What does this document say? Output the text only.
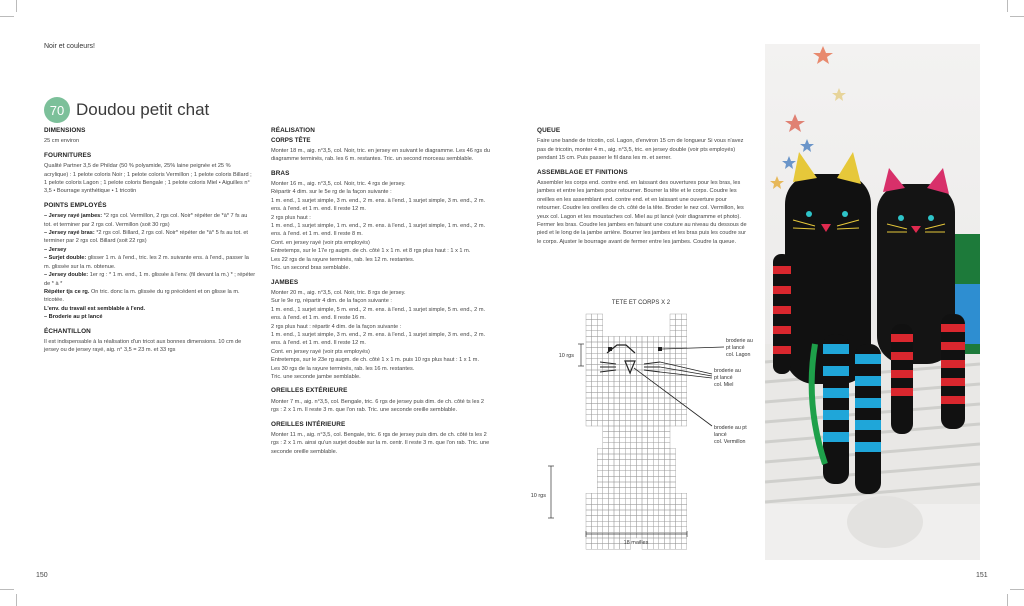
Noir et couleurs!
70 Doudou petit chat
DIMENSIONS

25 cm environ

FOURNITURES

Qualité Partner 3,5 de Phildar (50 % polyamide, 25% laine peignée et 25 % acrylique) : 1 pelote coloris Noir ; 1 pelote coloris Vermillon ; 1 pelote coloris Billard ; 1 pelote coloris Lagon ; 1 pelote coloris Bengale ; 1 pelote coloris Miel • Aiguilles n° 3,5 • Bourrage synthétique • 1 tricotin

POINTS EMPLOYÉS

– Jersey rayé jambes: *2 rgs col. Vermillon, 2 rgs col. Noir* répéter de *à* 7 fs au tot. et terminer par 2 rgs col. Vermillon (soit 30 rgs)

– Jersey rayé bras: *2 rgs col. Billard, 2 rgs col. Noir* répéter de *à* 5 fs au tot. et terminer par 2 rgs col. Billard (soit 22 rgs)

– Jersey

– Surjet double: glisser 1 m. à l'end., tric. les 2 m. suivante ens. à l'end., passer la m. glissée sur la m. obtenue.

– Jersey double: 1er rg : * 1 m. end., 1 m. glissée à l'env. (fil devant la m.) * ; répéter de * à *

Répéter tjs ce rg. On tric. donc la m. glissée du rg précédent et on glisse la m. tricotée.

L'env. du travail est semblable à l'end.

– Broderie au pt lancé

ÉCHANTILLON

Il est indispensable à la réalisation d'un tricot aux bonnes dimensions. 10 cm de jersey ou de jersey rayé, aig. n° 3,5 = 23 m. et 33 rgs

RÉALISATION
CORPS TÊTE

Monter 18 m., aig. n°3,5, col. Noir, tric. en jersey en suivant le diagramme. Les 46 rgs du diagramme terminés, rab. les 6 m. restantes. Tric. un second morceau semblable.

BRAS

Monter 16 m., aig. n°3,5, col. Noir, tric. 4 rgs de jersey.

Répartir 4 dim. sur le 5e rg de la façon suivante :

1 m. end., 1 surjet simple, 3 m. end., 2 m. ens. à l'end., 1 surjet simple, 3 m. end., 2 m. ens. à l'end. et 1 m. end. Il reste 12 m.

2 rgs plus haut :

1 m. end., 1 surjet simple, 1 m. end., 2 m. ens. à l'end., 1 surjet simple, 1 m. end., 2 m. ens. à l'end. et 1 m. end. Il reste 8 m.

Cont. en jersey rayé (voir pts employés)

Entretemps, sur le 17e rg augm. de ch. côté 1 x 1 m. et 8 rgs plus haut : 1 x 1 m.

Les 22 rgs de la rayure terminés, rab. les 12 m. restantes.

Tric. un second bras semblable.

JAMBES

Monter 20 m., aig. n°3,5, col. Noir, tric. 8 rgs de jersey.

Sur le 9e rg, répartir 4 dim. de la façon suivante :

1 m. end., 1 surjet simple, 5 m. end., 2 m. ens. à l'end., 1 surjet simple, 5 m. end., 2 m. ens. à l'end. et 1 m. end. Il reste 16 m.

2 rgs plus haut : répartir 4 dim. de la façon suivante :

1 m. end., 1 surjet simple, 3 m. end., 2 m. ens. à l'end., 1 surjet simple, 3 m. end., 2 m. ens. à l'end. et 1 m. end. Il reste 12 m.

Cont. en jersey rayé (voir pts employés)

Entretemps, sur le 23e rg augm. de ch. côté 1 x 1 m. puis 10 rgs plus haut : 1 x 1 m.

Les 30 rgs de la rayure terminés, rab. les 16 m. restantes.

Tric. une seconde jambe semblable.

OREILLES EXTÉRIEURE

Monter 7 m., aig. n°3,5, col. Bengale, tric. 6 rgs de jersey puis dim. de ch. côté ts les 2 rgs : 2 x 1 m. Il reste 3 m. que l'on rab. Tric. une seconde oreille semblable.

OREILLES INTÉRIEURE

Monter 11 m., aig. n°3,5, col. Bengale, tric. 6 rgs de jersey puis dim. de ch. côté ts les 2 rgs : 2 x 1 m. ainsi qu'un surjet double sur la m. centr. Il reste 3 m. que l'on rab. Tric. une seconde oreille semblable.

QUEUE

Faire une bande de tricotin, col. Lagon, d'environ 15 cm de longueur Si vous n'avez pas de tricotin, monter 4 m., aig. n°3,5, tric. en jersey double (voir pts employés) pendant 15 cm. Puis passer le fil dans les m. et serrer.

ASSEMBLAGE ET FINITIONS

Assembler les corps end. contre end. en laissant des ouvertures pour les bras, les jambes et entre les jambes pour retourner. Bourrer la tête et le corps. Coudre les oreilles en les assemblant end. contre end. et en laissant une ouverture pour retourner. Coudre les oreilles de ch. côté de la tête. Broder le nez col. Vermillon, les yeux col. Lagon et les moustaches col. Miel au pt lancé (voir diagramme et photo). Fermer les bras. Coudre les jambes en faisant une couture au niveau du dessous de pied et le long de la jambe arrière. Bourrer les jambes et les bras puis les coudre sur le corps. Ajuster le bourrage avant de fermer entre les jambes. Coudre la queue.

TETE ET CORPS X 2
10 rgs
10 rgs
18 mailles
broderie au
pt lancé
col. Lagon
broderie au
pt lancé
col. Miel
broderie au pt
lancé
col. Vermillon
150	151
